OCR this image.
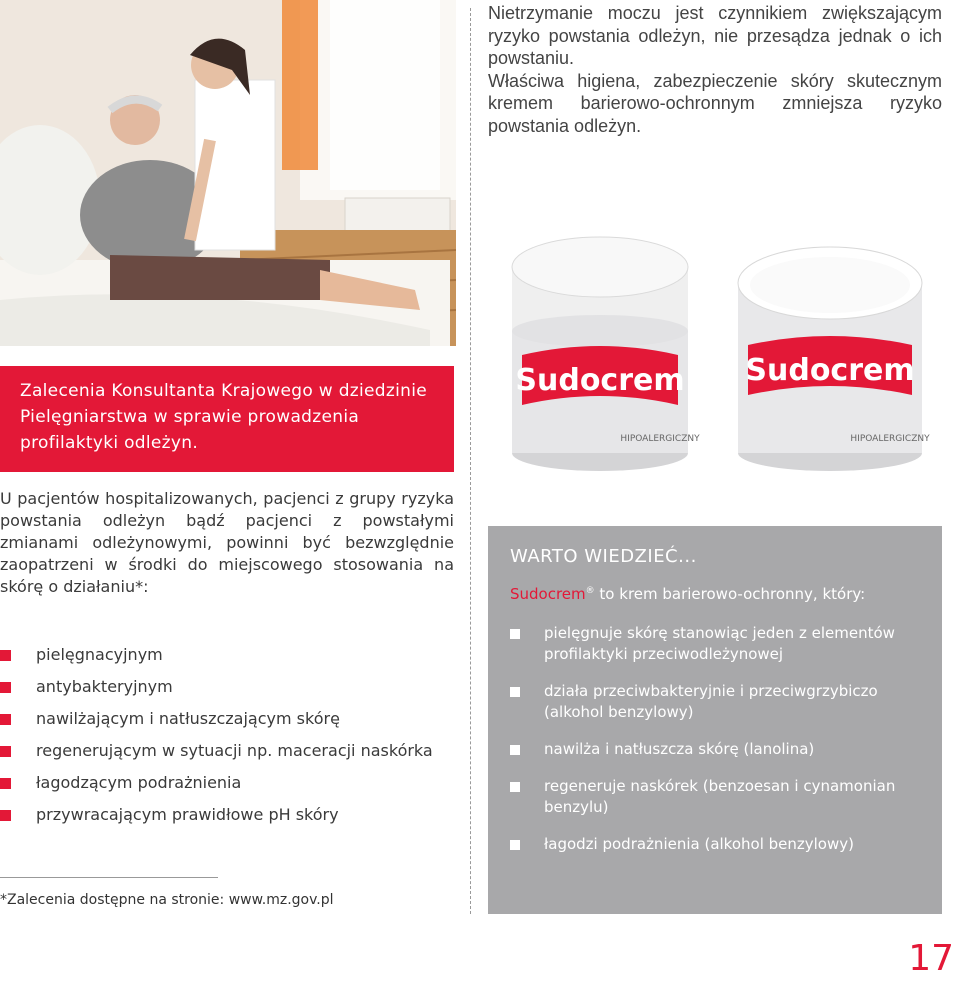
Nietrzymanie moczu jest czynnikiem zwiększającym ryzyko powstania odleżyn, nie przesądza jednak o ich powstaniu.

Właściwa higiena, zabezpieczenie skóry skutecznym kremem barierowo-ochronnym zmniejsza ryzyko powstania odleżyn.

Sudocrem
HIPOALERGICZNY
Sudocrem
HIPOALERGICZNY

Zalecenia Konsultanta Krajowego w dziedzinie Pielęgniarstwa w sprawie prowadzenia profilaktyki odleżyn.

U pacjentów hospitalizowanych, pacjenci z grupy ryzyka powstania odleżyn bądź pacjenci z powstałymi zmianami odleżynowymi, powinni być bezwzględnie zaopatrzeni w środki do miejscowego stosowania na skórę o działaniu*:

pielęgnacyjnym
antybakteryjnym
nawilżającym i natłuszczającym skórę
regenerującym w sytuacji np. maceracji naskórka
łagodzącym podrażnienia
przywracającym prawidłowe pH skóry
*Zalecenia dostępne na stronie: www.mz.gov.pl
WARTO WIEDZIEĆ...

Sudocrem® to krem barierowo-ochronny, który:

pielęgnuje skórę stanowiąc jeden z elementów profilaktyki przeciwodleżynowej
działa przeciwbakteryjnie i przeciwgrzybiczo (alkohol benzylowy)
nawilża i natłuszcza skórę (lanolina)
regeneruje naskórek (benzoesan i cynamonian benzylu)
łagodzi podrażnienia (alkohol benzylowy)
17
